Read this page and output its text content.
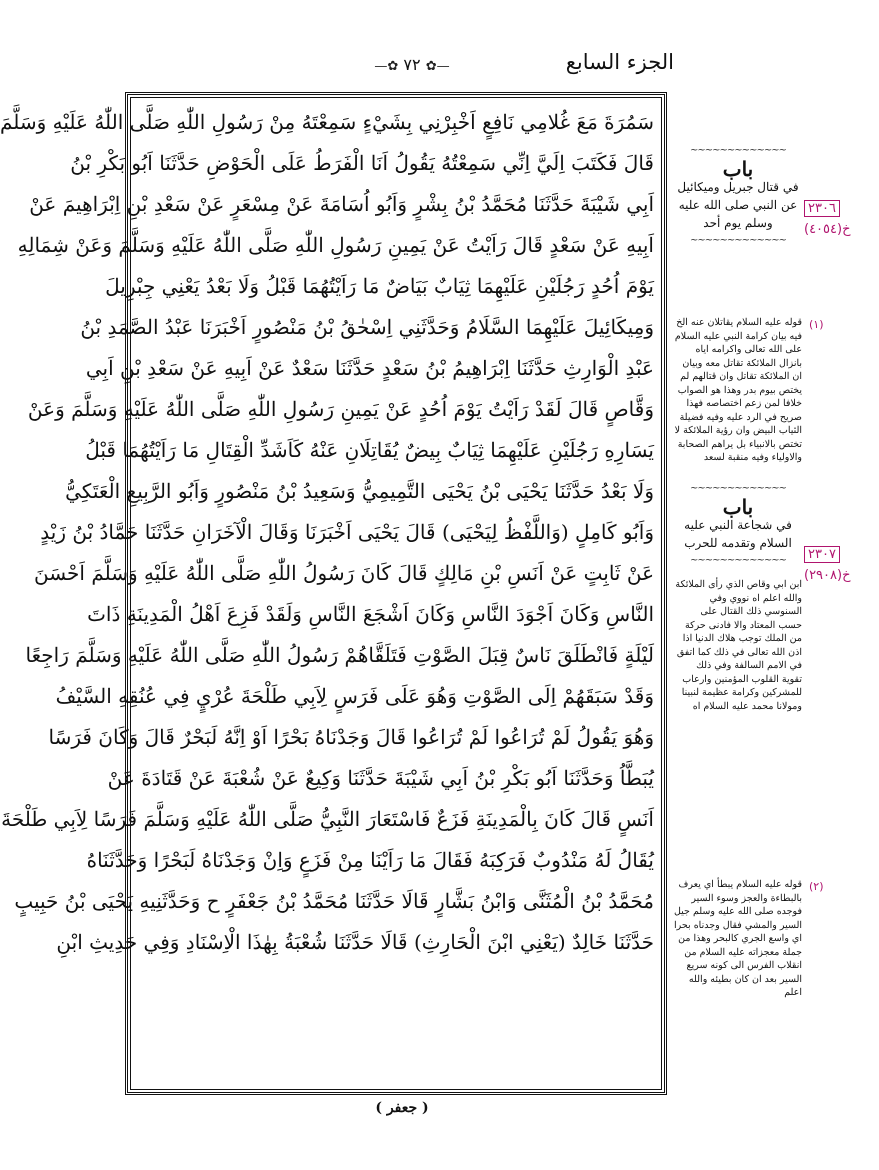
الجزء السابع
—✿ ٧٢ ✿—
سَمُرَةَ مَعَ غُلامِي نَافِعٍ اَخْبِرْنِي بِشَيْءٍ سَمِعْتَهُ مِنْ رَسُولِ اللّٰهِ صَلَّى اللّٰهُ عَلَيْهِ وَسَلَّمَ
قَالَ فَكَتَبَ اِلَيَّ اِنِّي سَمِعْتُهُ يَقُولُ اَنَا الْفَرَطُ عَلَى الْحَوْضِ حَدَّثَنَا اَبُو بَكْرِ بْنُ
اَبِي شَيْبَةَ حَدَّثَنَا مُحَمَّدُ بْنُ بِشْرٍ وَاَبُو اُسَامَةَ عَنْ مِسْعَرٍ عَنْ سَعْدِ بْنِ اِبْرَاهِيمَ عَنْ
اَبِيهِ عَنْ سَعْدٍ قَالَ رَاَيْتُ عَنْ يَمِينِ رَسُولِ اللّٰهِ صَلَّى اللّٰهُ عَلَيْهِ وَسَلَّمَ وَعَنْ شِمَالِهِ
يَوْمَ اُحُدٍ رَجُلَيْنِ عَلَيْهِمَا ثِيَابٌ بَيَاضٌ مَا رَاَيْتُهُمَا قَبْلُ وَلَا بَعْدُ يَعْنِي جِبْرِيلَ
وَمِيكَائِيلَ عَلَيْهِمَا السَّلَامُ وَحَدَّثَنِي اِسْحٰقُ بْنُ مَنْصُورٍ اَخْبَرَنَا عَبْدُ الصَّمَدِ بْنُ
عَبْدِ الْوَارِثِ حَدَّثَنَا اِبْرَاهِيمُ بْنُ سَعْدٍ حَدَّثَنَا سَعْدٌ عَنْ اَبِيهِ عَنْ سَعْدِ بْنِ اَبِي
وَقَّاصٍ قَالَ لَقَدْ رَاَيْتُ يَوْمَ اُحُدٍ عَنْ يَمِينِ رَسُولِ اللّٰهِ صَلَّى اللّٰهُ عَلَيْهِ وَسَلَّمَ وَعَنْ
يَسَارِهِ رَجُلَيْنِ عَلَيْهِمَا ثِيَابٌ بِيضٌ يُقَاتِلَانِ عَنْهُ كَاَشَدِّ الْقِتَالِ مَا رَاَيْتُهُمَا قَبْلُ
وَلَا بَعْدُ حَدَّثَنَا يَحْيَى بْنُ يَحْيَى التَّمِيمِيُّ وَسَعِيدُ بْنُ مَنْصُورٍ وَاَبُو الرَّبِيعِ الْعَتَكِيُّ
وَاَبُو كَامِلٍ (وَاللَّفْظُ لِيَحْيَى) قَالَ يَحْيَى اَخْبَرَنَا وَقَالَ الْآخَرَانِ حَدَّثَنَا حَمَّادُ بْنُ زَيْدٍ
عَنْ ثَابِتٍ عَنْ اَنَسِ بْنِ مَالِكٍ قَالَ كَانَ رَسُولُ اللّٰهِ صَلَّى اللّٰهُ عَلَيْهِ وَسَلَّمَ اَحْسَنَ
النَّاسِ وَكَانَ اَجْوَدَ النَّاسِ وَكَانَ اَشْجَعَ النَّاسِ وَلَقَدْ فَزِعَ اَهْلُ الْمَدِينَةِ ذَاتَ
لَيْلَةٍ فَانْطَلَقَ نَاسٌ قِبَلَ الصَّوْتِ فَتَلَقَّاهُمْ رَسُولُ اللّٰهِ صَلَّى اللّٰهُ عَلَيْهِ وَسَلَّمَ رَاجِعًا
وَقَدْ سَبَقَهُمْ اِلَى الصَّوْتِ وَهُوَ عَلَى فَرَسٍ لِاَبِي طَلْحَةَ عُرْيٍ فِي عُنُقِهِ السَّيْفُ
وَهُوَ يَقُولُ لَمْ تُرَاعُوا لَمْ تُرَاعُوا قَالَ وَجَدْنَاهُ بَحْرًا اَوْ اِنَّهُ لَبَحْرٌ قَالَ وَكَانَ فَرَسًا
يُبَطَّاُ وَحَدَّثَنَا اَبُو بَكْرِ بْنُ اَبِي شَيْبَةَ حَدَّثَنَا وَكِيعٌ عَنْ شُعْبَةَ عَنْ قَتَادَةَ عَنْ
اَنَسٍ قَالَ كَانَ بِالْمَدِينَةِ فَزَعٌ فَاسْتَعَارَ النَّبِيُّ صَلَّى اللّٰهُ عَلَيْهِ وَسَلَّمَ فَرَسًا لِاَبِي طَلْحَةَ
يُقَالُ لَهُ مَنْدُوبٌ فَرَكِبَهُ فَقَالَ مَا رَاَيْنَا مِنْ فَزَعٍ وَاِنْ وَجَدْنَاهُ لَبَحْرًا وَحَدَّثَنَاهُ
مُحَمَّدُ بْنُ الْمُثَنَّى وَابْنُ بَشَّارٍ قَالَا حَدَّثَنَا مُحَمَّدُ بْنُ جَعْفَرٍ ح وَحَدَّثَنِيهِ يَحْيَى بْنُ حَبِيبٍ
حَدَّثَنَا خَالِدٌ (يَعْنِي ابْنَ الْحَارِثِ) قَالَا حَدَّثَنَا شُعْبَةُ بِهٰذَا الْاِسْنَادِ وَفِي حَدِيثِ ابْنِ
~~~~~~~~~~~~~
باب
في قتال جبريل وميكائيل عن النبي صلى الله عليه وسلم يوم أحد
~~~~~~~~~~~~~
٢٣٠٦
خ(٤٠٥٤)
(١)
قوله عليه السلام يقاتلان عنه الخ فيه بيان كرامة النبي عليه السلام على الله تعالى واكرامه اياه بانزال الملائكة تقاتل معه وبيان ان الملائكة تقاتل وان قتالهم لم يختص بيوم بدر وهذا هو الصواب خلافا لمن زعم اختصاصه فهذا صريح في الرد عليه وفيه فضيلة الثياب البيض وان رؤية الملائكة لا تختص بالانبياء بل يراهم الصحابة والاولياء وفيه منقبة لسعد
~~~~~~~~~~~~~
باب
في شجاعة النبي عليه السلام وتقدمه للحرب
~~~~~~~~~~~~~	٢٣٠٧
خ(٢٩٠٨)
ابن ابي وقاص الذي رأى الملائكة والله اعلم اه نووي وفي السنوسي ذلك القتال على حسب المعتاد والا فادنى حركة من الملك توجب هلاك الدنيا اذا اذن الله تعالى في ذلك كما اتفق في الامم السالفة وفي ذلك تقوية القلوب المؤمنين وارعاب للمشركين وكرامة عظيمة لنبينا ومولانا محمد عليه السلام اه
(٢)
قوله عليه السلام يبطأ اي يعرف بالبطاءة والعجز وسوء السير فوجده صلى الله عليه وسلم جيل السير والمشي فقال وجدناه بحرا اي واسع الجري كالبحر وهذا من جملة معجزاته عليه السلام من انقلاب الفرس الى كونه سريع السير بعد ان كان بطيئه والله اعلم
( جعفر )
